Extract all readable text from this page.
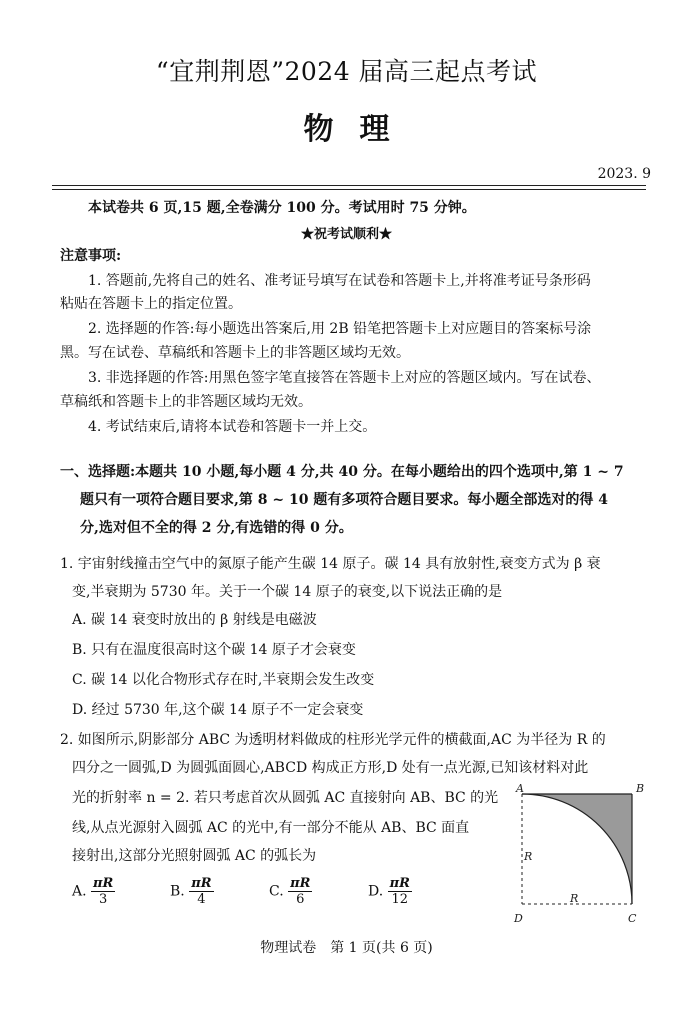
“宜荆荆恩”2024 届高三起点考试
物理
2023. 9
本试卷共 6 页,15 题,全卷满分 100 分。考试用时 75 分钟。
★祝考试顺利★
注意事项:
1. 答题前,先将自己的姓名、准考证号填写在试卷和答题卡上,并将准考证号条形码
粘贴在答题卡上的指定位置。
2. 选择题的作答:每小题选出答案后,用 2B 铅笔把答题卡上对应题目的答案标号涂
黑。写在试卷、草稿纸和答题卡上的非答题区域均无效。
3. 非选择题的作答:用黑色签字笔直接答在答题卡上对应的答题区域内。写在试卷、
草稿纸和答题卡上的非答题区域均无效。
4. 考试结束后,请将本试卷和答题卡一并上交。
一、选择题:本题共 10 小题,每小题 4 分,共 40 分。在每小题给出的四个选项中,第 1 ~ 7
题只有一项符合题目要求,第 8 ~ 10 题有多项符合题目要求。每小题全部选对的得 4
分,选对但不全的得 2 分,有选错的得 0 分。
1. 宇宙射线撞击空气中的氮原子能产生碳 14 原子。碳 14 具有放射性,衰变方式为 β 衰
变,半衰期为 5730 年。关于一个碳 14 原子的衰变,以下说法正确的是
A. 碳 14 衰变时放出的 β 射线是电磁波
B. 只有在温度很高时这个碳 14 原子才会衰变
C. 碳 14 以化合物形式存在时,半衰期会发生改变
D. 经过 5730 年,这个碳 14 原子不一定会衰变
2. 如图所示,阴影部分 ABC 为透明材料做成的柱形光学元件的横截面,AC 为半径为 R 的
四分之一圆弧,D 为圆弧面圆心,ABCD 构成正方形,D 处有一点光源,已知该材料对此
光的折射率 n = 2. 若只考虑首次从圆弧 AC 直接射向 AB、BC 的光
线,从点光源射入圆弧 AC 的光中,有一部分不能从 AB、BC 面直
接射出,这部分光照射圆弧 AC 的弧长为
A. $\frac{\pi R}{3}$	B. $\frac{\pi R}{4}$	C. $\frac{\pi R}{6}$	D. $\frac{\pi R}{12}$
A	B
C
D
R
R
物理试卷　第 1 页(共 6 页)
